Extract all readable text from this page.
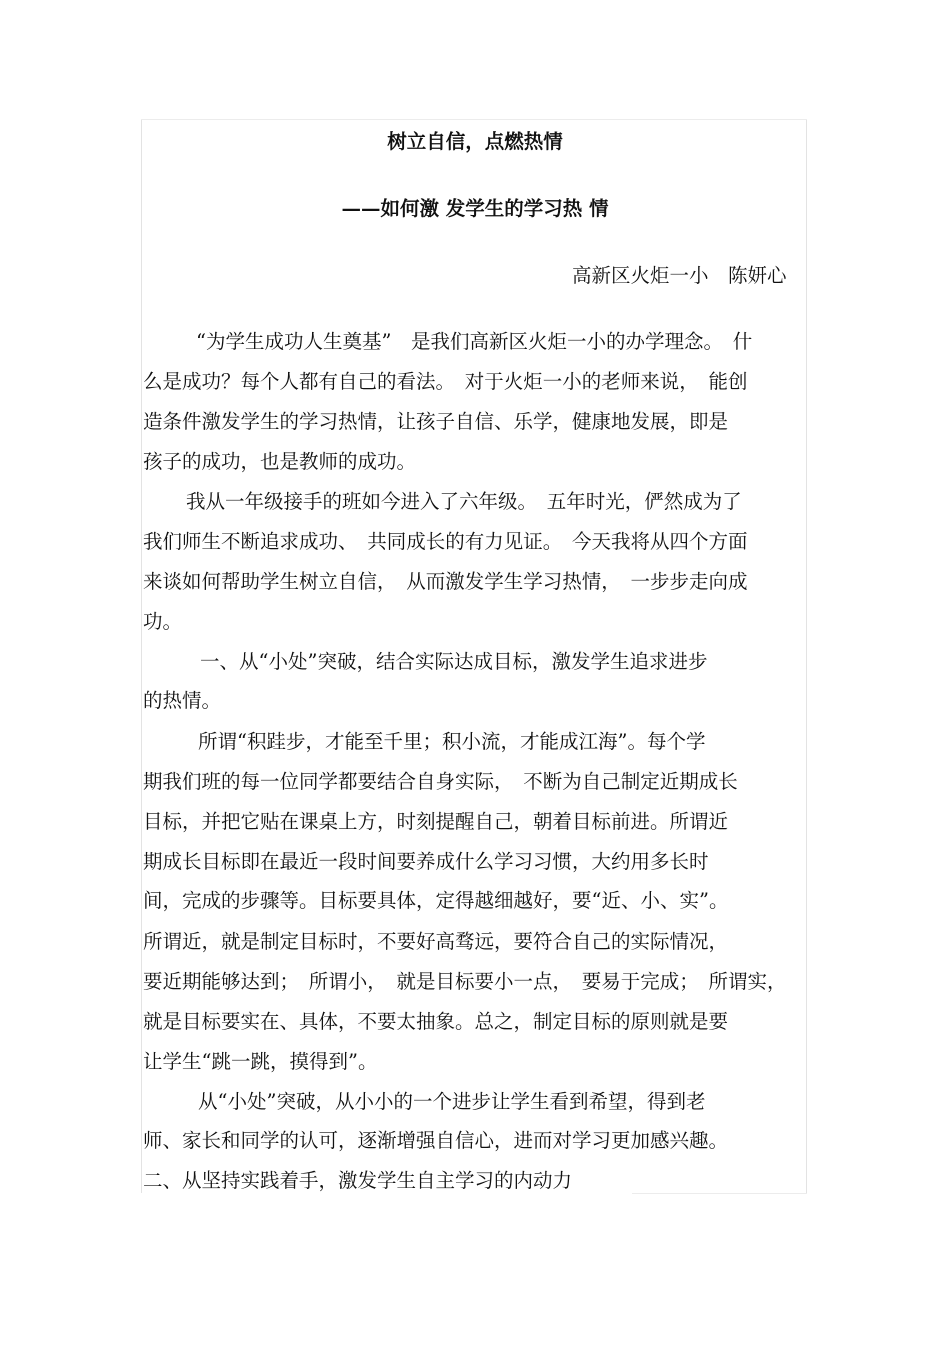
树立自信，点燃热情
——如何激 发学生的学习热 情

高新区火炬一小　陈妍心

“为学生成功人生奠基”　是我们高新区火炬一小的办学理念。　什

么是成功？每个人都有自己的看法。　对于火炬一小的老师来说，　能创

造条件激发学生的学习热情，让孩子自信、乐学，健康地发展，即是

孩子的成功，也是教师的成功。

我从一年级接手的班如今进入了六年级。　五年时光，俨然成为了

我们师生不断追求成功、　共同成长的有力见证。　今天我将从四个方面

来谈如何帮助学生树立自信，　从而激发学生学习热情，　一步步走向成

功。

一、从“小处”突破，结合实际达成目标，激发学生追求进步

的热情。

所谓“积跬步，才能至千里；积小流，才能成江海”。每个学

期我们班的每一位同学都要结合自身实际，　不断为自己制定近期成长

目标，并把它贴在课桌上方，时刻提醒自己，朝着目标前进。所谓近

期成长目标即在最近一段时间要养成什么学习习惯，大约用多长时

间，完成的步骤等。目标要具体，定得越细越好，要“近、小、实”。

所谓近，就是制定目标时，不要好高骛远，要符合自己的实际情况，

要近期能够达到；　所谓小，　就是目标要小一点，　要易于完成；　所谓实，

就是目标要实在、具体，不要太抽象。总之，制定目标的原则就是要

让学生“跳一跳，摸得到”。

从“小处”突破，从小小的一个进步让学生看到希望，得到老

师、家长和同学的认可，逐渐增强自信心，进而对学习更加感兴趣。

二、从坚持实践着手，激发学生自主学习的内动力
